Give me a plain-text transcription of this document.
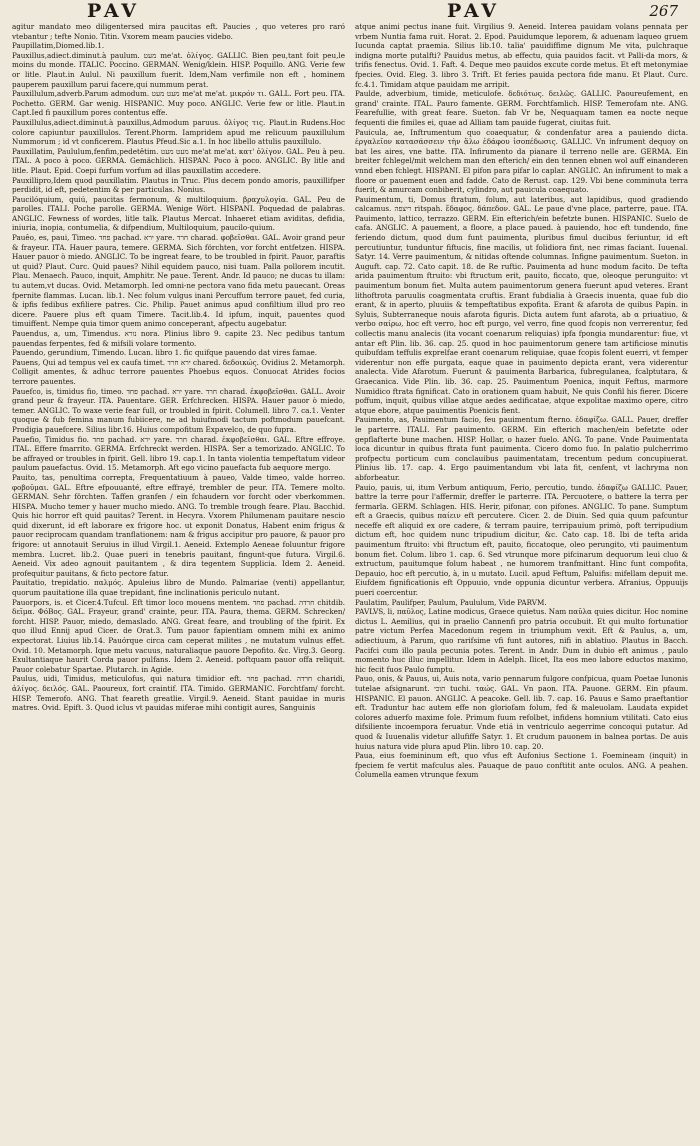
PAV	PAV	267

agitur mandato meo diligentersed mira paucitas eft. Paucies , quo veteres pro raró vtebantur ; tefte Nonio. Titin. Vxorem meam paucies videbo.

Paupillatim,Diomed.lib.1.

Pauxillus,adiect.diminut.à paulum. מעט me'at. ὀλίγος. GALLIC. Bien peu,tant foit peu,le moins du monde. ITALIC. Poccino. GERMAN. Wenig/klein. HISP. Poquillo. ANG. Verie few or litle. Plaut.in Aulul. Ni pauxillum fuerit. Idem,Nam verfimile non eft , hominem pauperem pauxillum parui facere,qui nummum perat.

Pauxillulum,adverb.Parum admodum. מעט מעט me'at me'at. μικρόν τι. GALL. Fort peu. ITA. Pochetto. GERM. Gar wenig. HISPANIC. Muy poco. ANGLIC. Verie few or litle. Plaut.in Capt.Ied fi pauxillum pores contentus effe.

Pauxillulus,adiect.diminut.à pauxillus,Admodum paruus. ὀλίγος τις. Plaut.in Rudens.Hoc colore capiuntur pauxillulos. Terent.Phorm. Iampridem apud me relicuum pauxillulum Nummorum ; id vt conficerem. Plautus Pfeud.Sic a.1. In hoc libello attulis pauxillulo.

Pauxillatim, Paululum,fenfim,pedetêtim. מעט מעט me'at me'at. κατ' ὀλίγον. GAL. Peu à peu. ITAL. A poco à poco. GERMA. Gemächlich. HISPAN. Poco à poco. ANGLIC. By litle and litle. Plaut. Epid. Coepi furfum vorfum ad illas pauxillatim accedere.

Pauxillipro,Idem quod pauxillatim. Plautus in Truc. Plus decem pondo amoris, pauxillifper perdidit, id eft, pedetentim & per particulas. Nonius.

Paucilóquium, quiú, paucitas fermonum, & multiloquium. βραχυλογία. GAL. Peu de parolles. ITALI. Poche parolle. GERMA. Wenige Wört. HISPANI. Poquedad de palabras. ANGLIC. Fewness of wordes, litle talk. Plautus Mercat. Inhaeret etiam aviditas, defidia, iniuria, inopia, contumelia, & difpendium, Multiloquium, paucilo-quium.

Pauêo, es, paui, Timeo. פחד pachad. ירא yare. חרד charad. φοβεῖσθαι. GAL. Avoir grand peur & frayeur. ITA. Hauer paura, temere. GERMA. Sich förchten, vor forcht entfetzen. HISPA. Hauer pauor ò miedo. ANGLIC. To be ingreat feare, to be troubled in fpirit. Pauor, paraftis ut quid? Plaut. Curc. Quid paues? Nihil equidem pauco, nisi tuam. Palla pollorem incutit. Plau. Menaech. Pauco, inquit, Amphitr. Ne paue. Terent. Andr. Id pauco; ne ducas tu illam: tu autem,vt ducas. Ovid. Metamorph. Ied omni-ne pectora vano fida metu pauecant. Oreas fpernite flammas. Lucan. lib.1. Nec folum vulgus inani Percuffum terrore pauet, fed curia, & ipfis fedibus exfiliere patres. Cic. Philip. Pauet animus apud confiltium illud pro reo dicere. Pauere plus eft quam Timere. Tacit.lib.4. Id ipfum, inquit, pauentes quod timuiffent. Nempe quia timor quem animo conceperant, afpectu augebatur.

Pauendus, a, um, Timendus. נורא nora. Plinius libro 9. capite 23. Nec pedibus tantum pauendas ferpentes, fed & mifsili volare tormento.

Pauendo, gerundium, Timendo. Lucan. libro 1. fic quifque pauendo dat vires famae.

Pauens, Qui ad tempus vel ex caufa timet. ירא חרד chared. δεδοικώς. Ovidius 2. Metamorph. Colligit amentes, & adhuc terrore pauentes Phoebus equos. Conuocat Atrides focios terrore pauentes.

Pauefco, is, timidus fio, timeo. פחד pachad. ירא yare. חרד charad. ἐκφοβεῖσθαι. GALL. Avoir grand peur & frayeur. ITA. Pauentare. GER. Erfchrecken. HISPA. Hauer pauor ò miedo, temer. ANGLIC. To waxe verie fear full, or troubled in fpirit. Columell. libro 7. ca.1. Venter quoque & fub femina manum fubiicere, ne ad huiufmodi tactum poftmodum pauefcant. Prodigia pauefcere. Silius libr.16. Huius compofitum Expavelco, de quo fupra.

Pauefio, Timidus fio. פחד pachad. ירא yare. חרד charad. ἐκφοβεῖσθαι. GAL. Eftre effroye. ITAL. Effere fmarrito. GERMA. Erfchreckt werden. HISPA. Ser a temorizado. ANGLIC. To be affrayed or troubles in fpirit. Gell. libro 19. cap.1. In tanta violentia tempeftatum videor paulum pauefactus. Ovid. 15. Metamorph. Aft ego vicino pauefacta fub aequore mergo.

Pauito, tas, penultima correpta, Frequentatiuum à paueo, Valde timeo, valde horreo. φοβοῦμαι. GAL. Eftre efpouuanté, eftre effrayé, trembler de peur. ITA. Temere molto. GERMAN. Sehr förchten. Taffen granfen / ein fchaudern vor forcht oder vberkommen. HISPA. Mucho temer y hauer mucho miedo. ANG. To tremble trough feare. Plau. Bacchid. Quis hic horror eft quid pauitas? Terent. in Hecyra. Vxorem Philumenam pauitare nescio quid dixerunt, id eft laborare ex frigore hoc. ut exponit Donatus, Habent enim frigus & pauor reciprocam quandam tranflationem: nam & frigus accipitur pro pauore, & pauor pro frigore: ut annotauit Seruius in illud Virgil.1. Aeneid. Extemplo Aeneae foluuntur frigore membra. Lucret. lib.2. Quae pueri in tenebris pauitant, fingunt-que futura. Virgil.6. Aeneid. Vix adeo agnouit pauitantem , & dira tegentem Supplicia. Idem 2. Aeneid. profequitur pauitans, & ficto pectore fatur.

Pauitatio, trepidatio. παλμός. Apuleius libro de Mundo. Palmariae (venti) appellantur, quorum pauitatione illa quae trepidant, fine inclinationis periculo nutant.

Pauorpors, is. et Cicer.4.Tufcul. Eft timor loco mouens mentem. פחד pachad. חרדה chitdib. δεῖμα. ΦόΒος. GAL. Frayeur, grand' crainte, peur. ITA. Paura, thema. GERM. Schrecken/ forcht. HISP. Pauor, miedo, demaslado. ANG. Great feare, and troubling of the fpirit. Ex quo illud Ennij apud Cicer. de Orat.3. Tum pauor fapientiam omnem mihi ex animo expectorat. Liuius lib.14. Pauórque circa cam ceperat milites , ne mutatum vulnus effet. Ovid. 10. Metamorph. Ique metu vacuus, naturaliaque pauore Depofito. &c. Virg.3. Georg. Exultantiaque haurit Corda pauor pulfans. Idem 2. Aeneid. poftquam pauor offa reliquit. Pauor colebatur Spartae. Plutarch. in Agide.

Paulus, uidi, Timidus, meticulofus, qui natura timidior eft. פחד pachad. חרדה charidi, ἀλίγος. δειλός. GAL. Paoureux, fort craintif. ITA. Timido. GERMANIC. Forchtfam/ forcht. HISP. Temerofo. ANG. That feareth greatlie. Virgil.9. Aeneid. Stant pauidae in muris matres. Ovid. Epift. 3. Quod iclus vt pauidas miferae mihi contigit aures, Sanguinis

atque animi pectus inane fuit. Virgilius 9. Aeneid. Interea pauidam volans pennata per vrbem Nuntia fama ruit. Horat. 2. Epod. Pauidumque leporem, & aduenam laqueo gruem Iucunda captat praemia. Silius lib.10. talia' pauidiffime dignum Me vita, pulchraque indigna morte putalfti? Pauidus metus, ab effectu, quia pauidos facit. vt Palli-da mors, & trifis fenectus. Ovid. 1. Faft. 4. Deque meo pauidos excute corde metus. Et eft metonymiae fpecies. Ovid. Eleg. 3. libro 3. Trift. Et feries pauida pectora fide manu. Et Plaut. Curc. fc.4.1. Timidam atque pauidam me arripit.

Paulde, adverbium, timide, meticulofe. δεδιότως. δειλῶς. GALLIC. Paoureufement, en grand' crainte. ITAL. Pauro famente. GERM. Forchtfamlich. HISP. Temerofam nte. ANG. Fearefullie, with great feare. Sueton. fab Vr be, Nequaquam tamen ea nocte neque fequenti die fimiles ei, quae ad Alliam tam pauide fugerat, ciuitas fuit.

Pauicula, ae, Inftrumentum quo coaequatur, & condenfatur area a pauiendo dicta. ἐργαλεῖον κατασάσσειν τὴν ἅλω ἐδάφου ἰσοπέδωσις. GALLIC. Vn infrument dequoy on bat les aires, vne batte. ITA. Infirumento da pianare il terreno nelle are. GERMA. Ein breiter fchlegel/mit welchem man den efterich/ ein den tennen ebnen wol auff einanderen vnnd eben fchlegt. HISPANI. El pifon para pifar lo caplar. ANGLIC. An infirument to mak a floore or pauement euen and fadde. Cato de Rerust. cap. 129. Vbi bene comminuta terra fuerit, & amurcam conbiberit, cylindro, aut pauicula coaequato.

Pauimentum, ti, Domus ftratum, folum, aut lateribus, aut lapidibus, quod gradiendo calcamus. ריצפה ritspah. ἔδαφος. δάπεδον. GAL. Le paue d'vne place, parterre, paue. ITA. Pauimento, lattico, terrazzo. GERM. Ein efterich/ein befetzte bunen. HISPANIC. Suelo de cafa. ANGLIC. A pauement, a floore, a place paued. à pauiendo, hoc eft tundendo, fine feriendo dictum, quod dum funt pauimenta, pluribus fimul ducibus feriuntur, id eft percutiuntur, tunduntur fiftucis, fine macilis, ut folidiora fint, nec rimas faciant. Iuuenal. Satyr. 14. Verre pauimentum, & nitidas oftende columnas. Infigne pauimentum. Sueton. in Auguft. cap. 72. Cato capit. 18. de Re ruftic. Pauimenta ad hunc modum facito. De tefta arida pauimentum ftruito: vbi ftructum erit, pauito, ficcato, que, oleoque perunguito: vt pauimentum bonum fiet. Multa autem pauimentorum genera fuerunt apud veteres. Erant lithoftrota paruulis coagmentata cruftis. Erant fubdialia à Graecis inuenta, quae fub dio erant, & in aperto, pluuiis & tempeftatibus expofita. Erant & afarota de quibus Papin. in Syluis, Subterraneque nouis afarota figuris. Dicta autem funt afarota, ab α priuatiuo, & verbo σαίρω, hoc eft verro, hoc eft purgo, vel verro, fine quod fcopis non verrerentur, fed collectis manu analecis (ita vocant coenarum reliquias) ipfa fpongia mundarentur: fiue, vt antar eft Plin. lib. 36. cap. 25. quod in hoc pauimentorum genere tam artificiose minutis quibufdam teffulis exprelfae erant coenarum reliquiae, quae fcopis folent euerri, vt femper viderentur non effe purgata, eaque quae in pauimento depicta erant, vera viderentur analecta. Vide Afarotum. Fuerunt & pauimenta Barbarica, fubregulanea, fcalptutara, & Graecanica. Vide Plin. lib. 36. cap. 25. Pauimentum Poenica, inquit Feftus, marmore Numidico ftrata fignificat. Cato in orationem quam habuit, Ne quis Confil his fierer. Dicere poffum, inquit, quibus villae atque aedes aedificatae, atque expolitae maximo opere, citro atque ebore, atque pauimentis Poenicis fient.

Pauimento, as, Pauimentum facio, feu pauimentum fterno. ἐδαφίζω. GALL. Pauer, dreffer le parterre. ITALI. Far pauimento. GERM. Ein efterich machen/ein befetzte oder gepflafterte bune machen. HISP. Hollar, o hazer fuelo. ANG. To pane. Vnde Pauimentata loca dicuntur in quibus ftrata funt pauimenta. Cicero domo fuo. In palatio pulcherrimo profpectu porticum cum conclauibus pauimentatam, trecentum pedum concupiuerat. Plinius lib. 17. cap. 4. Ergo pauimentandum vbi lata fit, cenfent, vt lachryma non abforbeatur.

Pauio, pauis, ui, itum Verbum antiquum, Ferio, percutio, tundo. ἐδαφίζω GALLIC. Pauer, battre la terre pour l'affermir, dreffer le parterre. ITA. Percuotere, o battere la terra per fermarla. GERM. Schlagen. HIS. Herir, pifonar, con pifones. ANGLIC. To pane. Sumptum eft a Graecis, quibus παίειν eft percutere. Cicer. 2. de Diuin. Sed quia quum pafcuntur neceffe eft aliquid ex ore cadere, & terram pauire, terripauium primò, poft terripudium dictum eft, hoc quidem nunc tripudium dicitur, &c. Cato cap. 18. Ibi de tefta arida pauimentum ftruito: vbi ftructum eft, pauito, ficcatoque, oleo perungito, vti pauimentum bonum fiet. Colum. libro 1. cap. 6. Sed vtrunque more pifcinarum dequorum leui cluo & extructum, pauitumque folum habeat , ne humorem tranfmittant. Hinc funt compofita, Depauio, hoc eft percutio, à, in u mutato. Lucil. apud Feftum, Paluifis: mifellam depuit me. Eiufdem fignificationis eft Oppuuio, vnde oppunia dicuntur verbera. Afranius, Oppuuijs pueri coercentur.

Paulatim, Paulifper, Paulum, Paululum, Vide PARVM.

PAVLVS, li, παῦλος, Latine modicus, Graece quietus. Nam παῦλα quies dicitur. Hoc nomine dictus L. Aemilius, qui in praelio Cannenfi pro patria occubuit. Et qui multo fortunatior patre victum Perfea Macedonum regem in triumphum vexit. Eft & Paulus, a, um, adiectiuum, à Parum, quo rarifsime vfi funt autores, nifi in ablatiuo. Plautus in Bacch. Pacifci cum illo paula pecunia potes. Terent. in Andr. Dum in dubio eft animus , paulo momento huc illuc impellitur. Idem in Adelph. Ilicet, Ita eos meo labore eductos maximo, hic fecit fuos Paulo fumptu.

Pauo, onis, & Pauus, ui, Auis nota, vario pennarum fulgore confpicua, quam Poetae Iunonis tutelae afsignarunt. תוכי tuchi. ταώς. GAL. Vn paon. ITA. Pauone. GERM. Ein pfaum. HISPANIC. El pauon. ANGLIC. A peacoke. Gell. lib. 7. cap. 16. Pauus e Samo praeftantior eft. Traduntur hac autem effe non gloriofam folum, fed & maleuolam. Laudata expidet colores aduerfo maxime fole. Primum fuum refolbet, infidens homnium vtilitati. Cato eius difsiliente incoempora feruatur. Vnde etiá in ventriculo aegerrime concoqui putatur. Ad quod & Iuuenalis videtur allufiffe Satyr. 1. Et crudum pauonem in balnea portas. De auis huius natura vide plura apud Plin. libro 10. cap. 20.

Paua, eius foemininum eft, quo vfus eft Aufonius Sectione 1. Foemineam (inquit) in fpeciem fe vertit mafculus ales. Pauaque de pauo conftitit ante oculos. ANG. A peahen. Columella eamen vtrunque fexum
